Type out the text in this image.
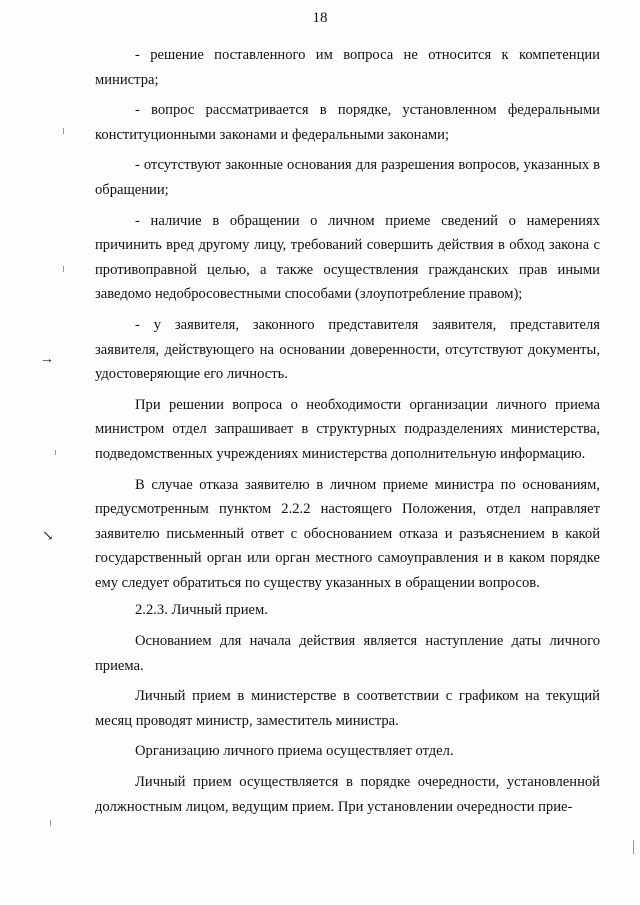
18

- решение поставленного им вопроса не относится к компетенции министра;

- вопрос рассматривается в порядке, установленном федеральными конституционными законами и федеральными законами;

- отсутствуют законные основания для разрешения вопросов, указанных в обращении;

- наличие в обращении о личном приеме сведений о намерениях причинить вред другому лицу, требований совершить действия в обход закона с противоправной целью, а также осуществления гражданских прав иными заведомо недобросовестными способами (злоупотребление правом);

- у заявителя, законного представителя заявителя, представителя заявителя, действующего на основании доверенности, отсутствуют документы, удостоверяющие его личность.

При решении вопроса о необходимости организации личного приема министром отдел запрашивает в структурных подразделениях министерства, подведомственных учреждениях министерства дополнительную информацию.

В случае отказа заявителю в личном приеме министра по основаниям, предусмотренным пунктом 2.2.2 настоящего Положения, отдел направляет заявителю письменный ответ с обоснованием отказа и разъяснением в какой государственный орган или орган местного самоуправления и в каком порядке ему следует обратиться по существу указанных в обращении вопросов.

2.2.3. Личный прием.

Основанием для начала действия является наступление даты личного приема.

Личный прием в министерстве в соответствии с графиком на текущий месяц проводят министр, заместитель министра.

Организацию личного приема осуществляет отдел.

Личный прием осуществляется в порядке очередности, установленной должностным лицом, ведущим прием. При установлении очередности прие-

→
↘
